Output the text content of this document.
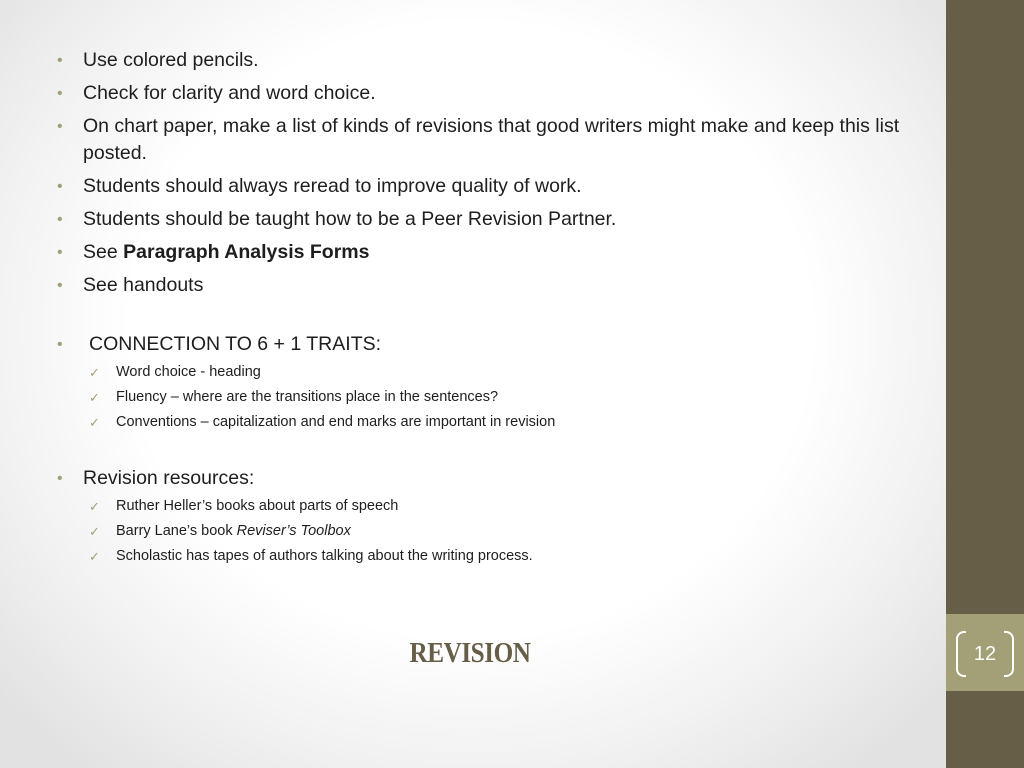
• Use colored pencils.
• Check for clarity and word choice.
• On chart paper, make a list of kinds of revisions that good writers might make and keep this list posted.
• Students should always reread to improve quality of work.
• Students should be taught how to be a Peer Revision Partner.
• See Paragraph Analysis Forms
• See handouts
• CONNECTION TO 6 + 1 TRAITS:
✓ Word choice - heading
✓ Fluency – where are the transitions place in the sentences?
✓ Conventions – capitalization and end marks are important in revision
• Revision resources:
✓ Ruther Heller’s books about parts of speech
✓ Barry Lane’s book Reviser’s Toolbox
✓ Scholastic has tapes of authors talking about the writing process.
REVISION	12
